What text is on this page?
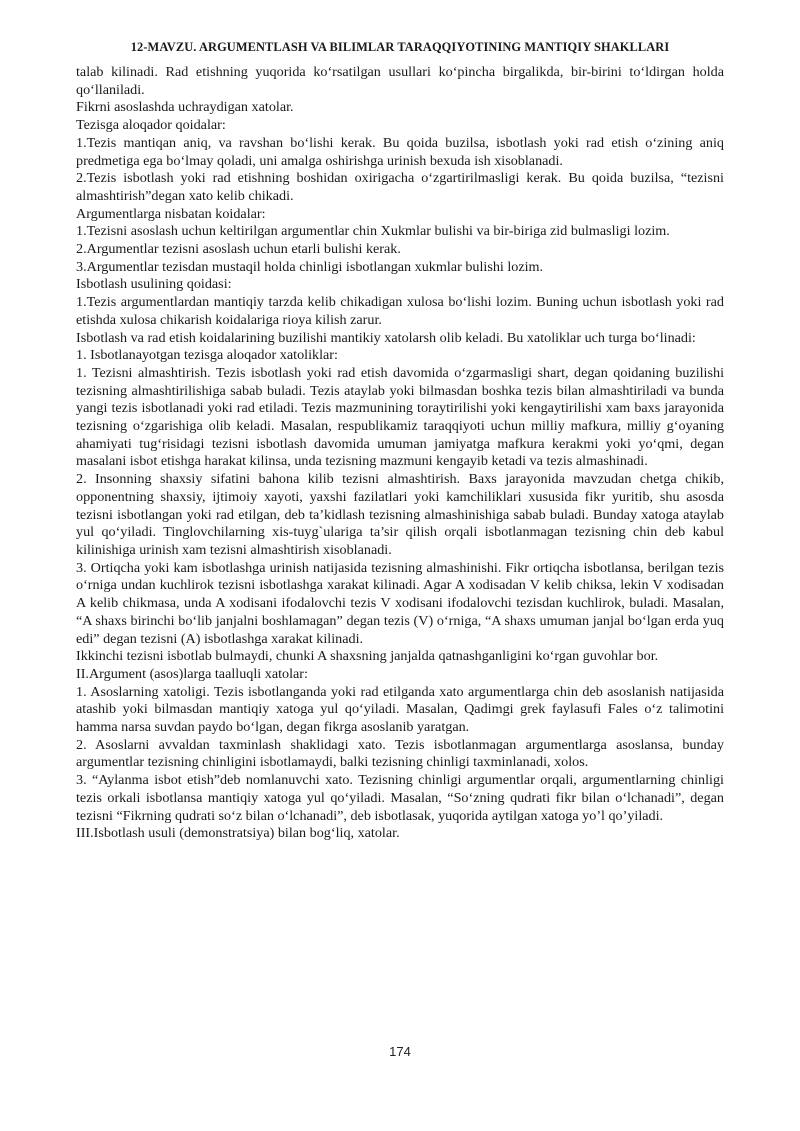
12-MAVZU. ARGUMENTLASH VA BILIMLAR TARAQQIYOTINING MANTIQIY SHAKLLARI

talab kilinadi. Rad etishning yuqorida ko‘rsatilgan usullari ko‘pincha birgalikda, bir-birini to‘ldirgan holda qo‘llaniladi.

Fikrni asoslashda uchraydigan xatolar.

Tezisga aloqador qoidalar:

1.Tezis mantiqan aniq, va ravshan bo‘lishi kerak. Bu qoida buzilsa, isbotlash yoki rad etish o‘zining aniq predmetiga ega bo‘lmay qoladi, uni amalga oshirishga urinish bexuda ish xisoblanadi.

2.Tezis isbotlash yoki rad etishning boshidan oxirigacha o‘zgartirilmasligi kerak. Bu qoida buzilsa, “tezisni almashtirish”degan xato kelib chikadi.

Argumentlarga nisbatan koidalar:

1.Tezisni asoslash uchun keltirilgan argumentlar chin Xukmlar bulishi va bir-biriga zid bulmasligi lozim.

2.Argumentlar tezisni asoslash uchun etarli bulishi kerak.

3.Argumentlar tezisdan mustaqil holda chinligi isbotlangan xukmlar bulishi lozim.

Isbotlash usulining qoidasi:

1.Tezis argumentlardan mantiqiy tarzda kelib chikadigan xulosa bo‘lishi lozim. Buning uchun isbotlash yoki rad etishda xulosa chikarish koidalariga rioya kilish zarur.

Isbotlash va rad etish koidalarining buzilishi mantikiy xatolarsh olib keladi. Bu xatoliklar uch turga bo‘linadi:

1. Isbotlanayotgan tezisga aloqador xatoliklar:

1. Tezisni almashtirish. Tezis isbotlash yoki rad etish davomida o‘zgarmasligi shart, degan qoidaning buzilishi tezisning almashtirilishiga sabab buladi. Tezis ataylab yoki bilmasdan boshka tezis bilan almashtiriladi va bunda yangi tezis isbotlanadi yoki rad etiladi. Tezis mazmunining toraytirilishi yoki kengaytirilishi xam baxs jarayonida tezisning o‘zgarishiga olib keladi. Masalan, respublikamiz taraqqiyoti uchun milliy mafkura, milliy g‘oyaning ahamiyati tug‘risidagi tezisni isbotlash davomida umuman jamiyatga mafkura kerakmi yoki yo‘qmi, degan masalani isbot etishga harakat kilinsa, unda tezisning mazmuni kengayib ketadi va tezis almashinadi.

2. Insonning shaxsiy sifatini bahona kilib tezisni almashtirish. Baxs jarayonida mavzudan chetga chikib, opponentning shaxsiy, ijtimoiy xayoti, yaxshi fazilatlari yoki kamchiliklari xususida fikr yuritib, shu asosda tezisni isbotlangan yoki rad etilgan, deb ta’kidlash tezisning almashinishiga sabab buladi. Bunday xatoga ataylab yul qo‘yiladi. Tinglovchilarning xis-tuyg`ulariga ta’sir qilish orqali isbotlanmagan tezisning chin deb kabul kilinishiga urinish xam tezisni almashtirish xisoblanadi.

3. Ortiqcha yoki kam isbotlashga urinish natijasida tezisning almashinishi. Fikr ortiqcha isbotlansa, berilgan tezis o‘rniga undan kuchlirok tezisni isbotlashga xarakat kilinadi. Agar A xodisadan V kelib chiksa, lekin V xodisadan A kelib chikmasa, unda A xodisani ifodalovchi tezis V xodisani ifodalovchi tezisdan kuchlirok, buladi. Masalan, “A shaxs birinchi bo‘lib janjalni boshlamagan” degan tezis (V) o‘rniga, “A shaxs umuman janjal bo‘lgan erda yuq edi” degan tezisni (A) isbotlashga xarakat kilinadi.

Ikkinchi tezisni isbotlab bulmaydi, chunki A shaxsning janjalda qatnashganligini ko‘rgan guvohlar bor.

II.Argument (asos)larga taalluqli xatolar:

1. Asoslarning xatoligi. Tezis isbotlanganda yoki rad etilganda xato argumentlarga chin deb asoslanish natijasida atashib yoki bilmasdan mantiqiy xatoga yul qo‘yiladi. Masalan, Qadimgi grek faylasufi Fales o‘z talimotini hamma narsa suvdan paydo bo‘lgan, degan fikrga asoslanib yaratgan.

2. Asoslarni avvaldan taxminlash shaklidagi xato. Tezis isbotlanmagan argumentlarga asoslansa, bunday argumentlar tezisning chinligini isbotlamaydi, balki tezisning chinligi taxminlanadi, xolos.

3. “Aylanma isbot etish”deb nomlanuvchi xato. Tezisning chinligi argumentlar orqali, argumentlarning chinligi tezis orkali isbotlansa mantiqiy xatoga yul qo‘yiladi. Masalan, “So‘zning qudrati fikr bilan o‘lchanadi”, degan tezisni “Fikrning qudrati so‘z bilan o‘lchanadi”, deb isbotlasak, yuqorida aytilgan xatoga yo’l qo’yiladi.

III.Isbotlash usuli (demonstratsiya) bilan bog‘liq, xatolar.

174
